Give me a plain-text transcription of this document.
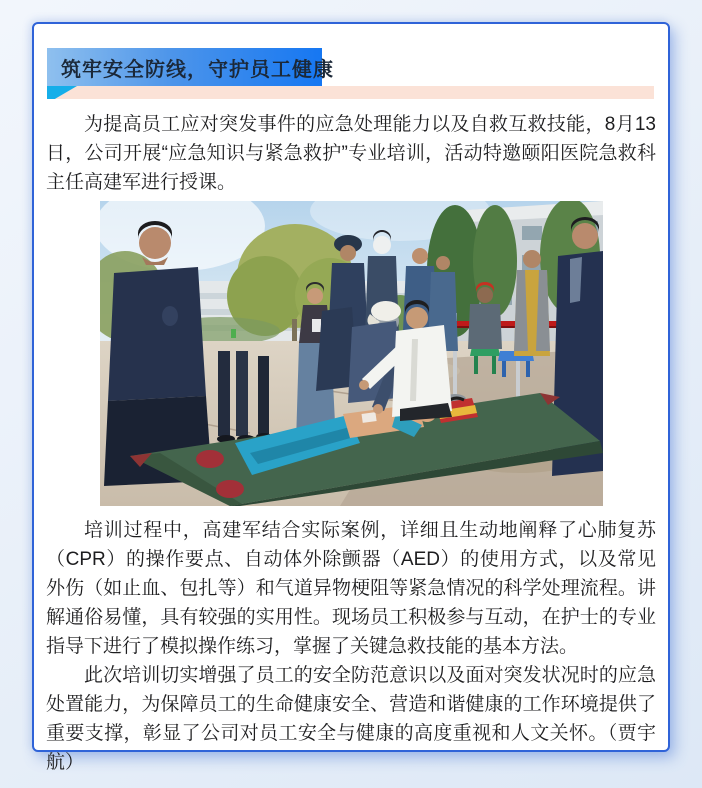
筑牢安全防线，守护员工健康

为提高员工应对突发事件的应急处理能力以及自救互救技能，8月13日，公司开展“应急知识与紧急救护”专业培训，活动特邀颐阳医院急救科主任高建军进行授课。

培训过程中，高建军结合实际案例，详细且生动地阐释了心肺复苏（CPR）的操作要点、自动体外除颤器（AED）的使用方式，以及常见外伤（如止血、包扎等）和气道异物梗阻等紧急情况的科学处理流程。讲解通俗易懂，具有较强的实用性。现场员工积极参与互动，在护士的专业指导下进行了模拟操作练习，掌握了关键急救技能的基本方法。

此次培训切实增强了员工的安全防范意识以及面对突发状况时的应急处置能力，为保障员工的生命健康安全、营造和谐健康的工作环境提供了重要支撑，彰显了公司对员工安全与健康的高度重视和人文关怀。（贾宇航）
